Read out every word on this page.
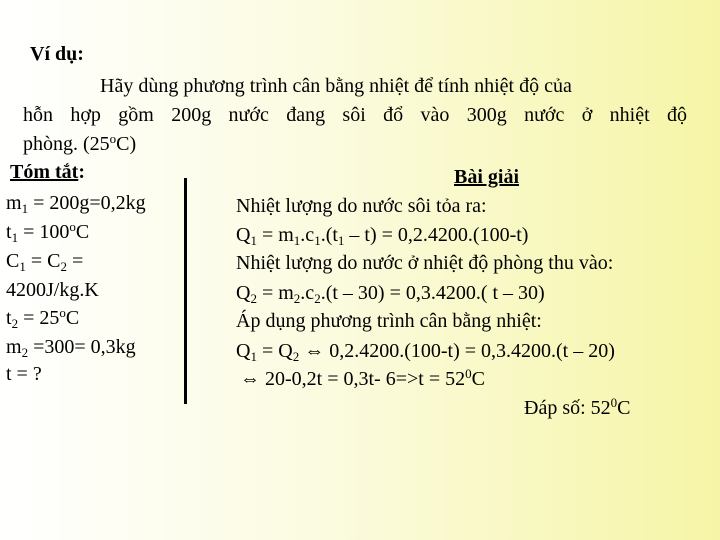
Ví dụ:
Hãy dùng phương trình cân bằng nhiệt để tính nhiệt độ của
hỗn hợp gồm 200g nước đang sôi đổ vào 300g nước ở nhiệt độ
phòng. (25$^o$C)
Tóm tắt:
$m_1 = 200g=0,2kg$
$t_1 = 100^oC$
$C_1 = C_2$ =
4200J/kg.K
$t_2 = 25^oC$
$m_2 =300= 0,3kg$
t = ?
Bài giải
Nhiệt lượng do nước sôi tỏa ra:
$Q_1 = m_1.c_1.(t_1 - t) = 0,2.4200.(100-t)$
Nhiệt lượng do nước ở nhiệt độ phòng thu vào:
$Q_2 = m_2.c_2.(t - 30) = 0,3.4200$.( t – 30)
Áp dụng phương trình cân bằng nhiệt:
$Q_1 = Q_2$ ⇔ 0,2.4200.(100-t) = 0,3.4200.(t – 20)
⇔ 20-0,2t = 0,3t- $6=>t = 52^0C$
Đáp số: $52^0C$
